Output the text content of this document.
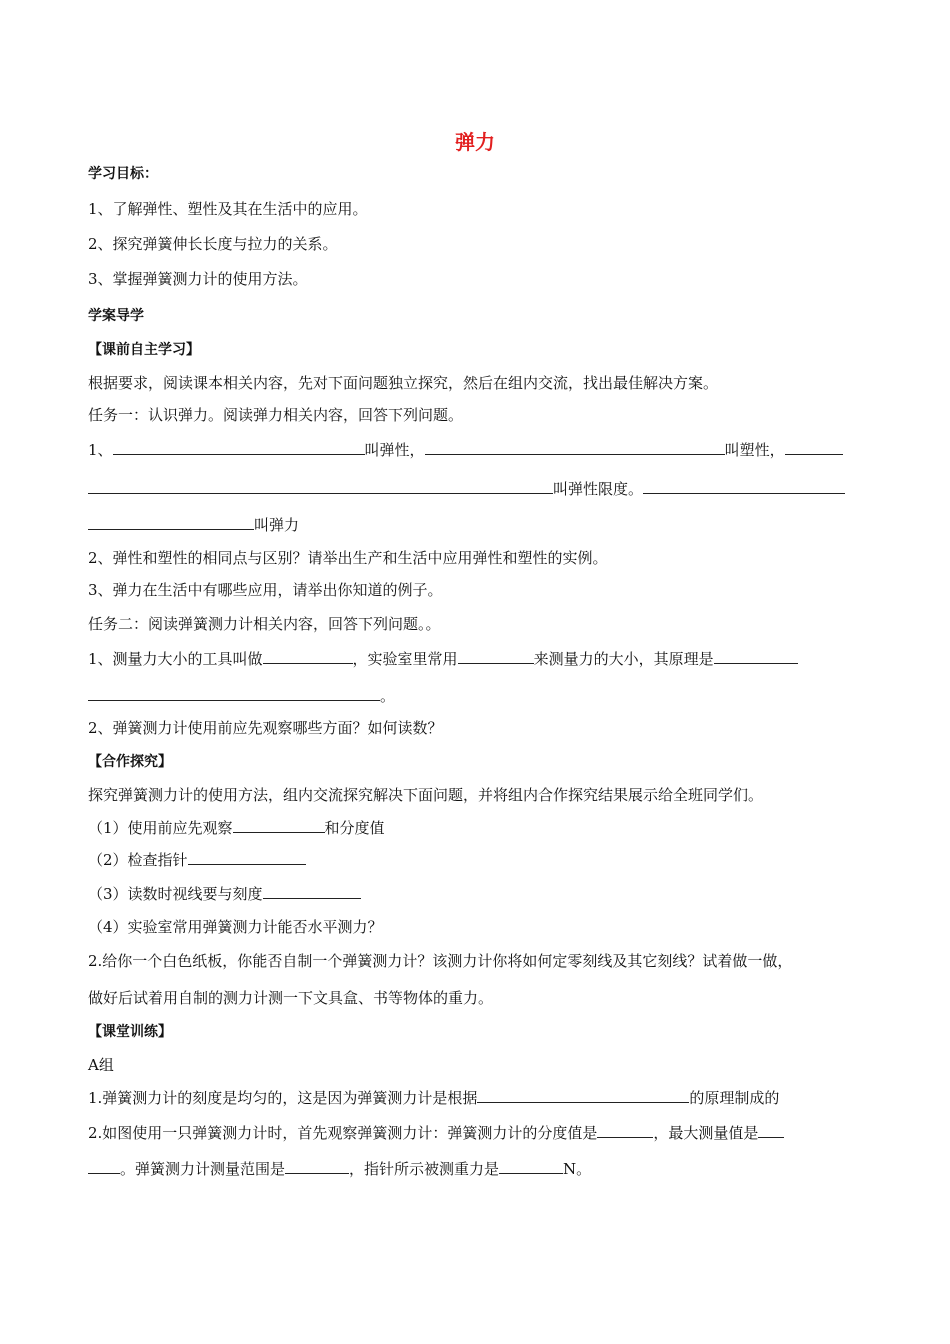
弹力
学习目标：
1、了解弹性、塑性及其在生活中的应用。
2、探究弹簧伸长长度与拉力的关系。
3、掌握弹簧测力计的使用方法。
学案导学
【课前自主学习】
根据要求，阅读课本相关内容，先对下面问题独立探究，然后在组内交流，找出最佳解决方案。
任务一：认识弹力。阅读弹力相关内容，回答下列问题。
1、	叫弹性，	叫塑性，
叫弹性限度。
叫弹力
2、弹性和塑性的相同点与区别？请举出生产和生活中应用弹性和塑性的实例。
3、弹力在生活中有哪些应用，请举出你知道的例子。
任务二：阅读弹簧测力计相关内容，回答下列问题。。
1、测量力大小的工具叫做	，实验室里常用	来测量力的大小，其原理是
。
2、弹簧测力计使用前应先观察哪些方面？如何读数？
【合作探究】
探究弹簧测力计的使用方法，组内交流探究解决下面问题，并将组内合作探究结果展示给全班同学们。
（1）使用前应先观察	和分度值
（2）检查指针
（3）读数时视线要与刻度
（4）实验室常用弹簧测力计能否水平测力？
2.给你一个白色纸板，你能否自制一个弹簧测力计？该测力计你将如何定零刻线及其它刻线？试着做一做，
做好后试着用自制的测力计测一下文具盒、书等物体的重力。
【课堂训练】
A组
1.弹簧测力计的刻度是均匀的，这是因为弹簧测力计是根据	的原理制成的
2.如图使用一只弹簧测力计时，首先观察弹簧测力计：弹簧测力计的分度值是	，最大测量值是
。弹簧测力计测量范围是	，指针所示被测重力是	N。
